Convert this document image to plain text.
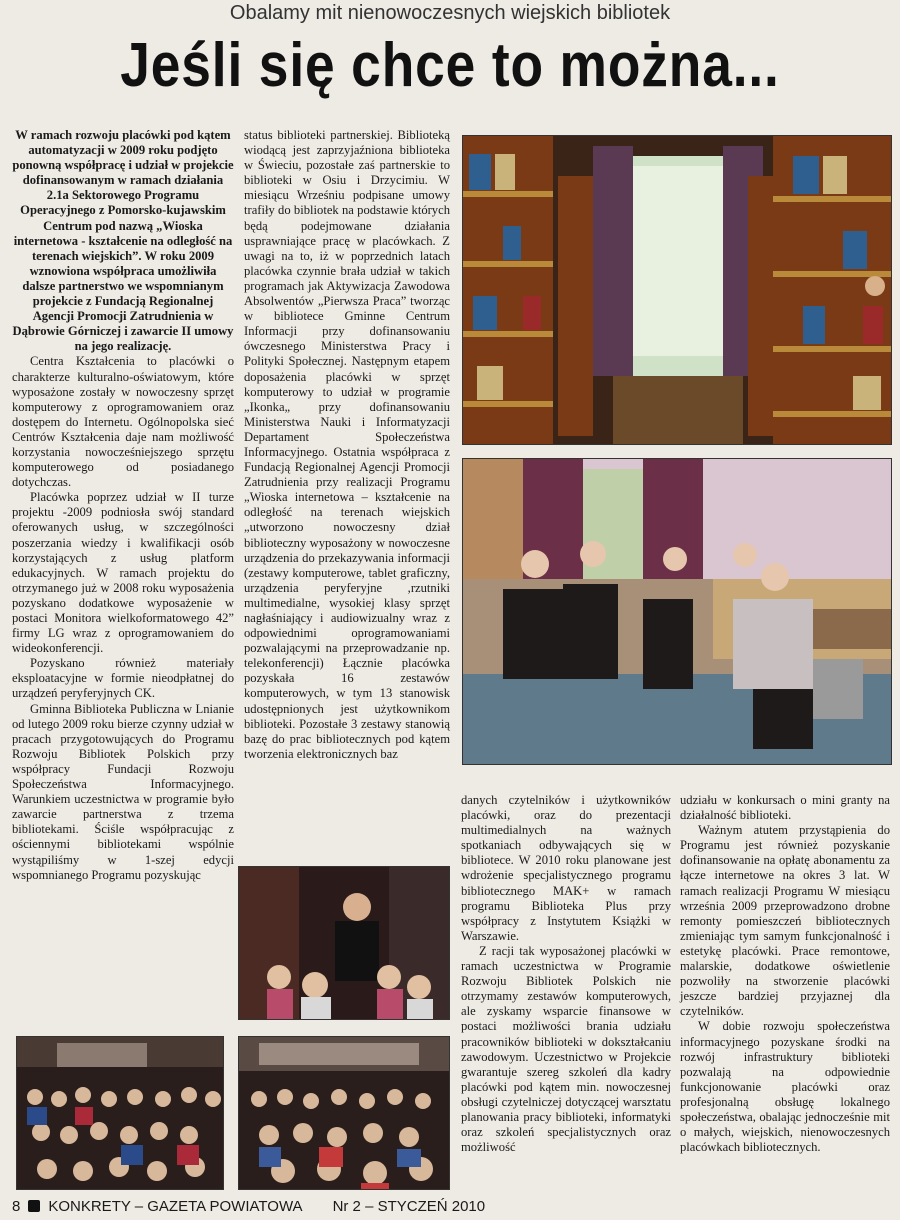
Obalamy mit nienowoczesnych wiejskich bibliotek
Jeśli się chce to można...

W ramach rozwoju placówki pod kątem automatyzacji w 2009 roku podjęto ponowną współpracę i udział w projekcie dofinansowanym w ramach działania 2.1a Sektorowego Programu Operacyjnego z Pomorsko-kujawskim Centrum pod nazwą „Wioska internetowa - kształcenie na odległość na terenach wiejskich”. W roku 2009 wznowiona współpraca umożliwiła dalsze partnerstwo we wspomnianym projekcie z Fundacją Regionalnej Agencji Promocji Zatrudnienia w Dąbrowie Górniczej i zawarcie II umowy na jego realizację.

Centra Kształcenia to placówki o charakterze kulturalno-oświatowym, które wyposażone zostały w nowoczesny sprzęt komputerowy z oprogramowaniem oraz dostępem do Internetu. Ogólnopolska sieć Centrów Kształcenia daje nam możliwość korzystania nowocześniejszego sprzętu komputerowego od posiadanego dotychczas.

Placówka poprzez udział w II turze projektu -2009 podniosła swój standard oferowanych usług, w szczególności poszerzania wiedzy i kwalifikacji osób korzystających z usług platform edukacyjnych. W ramach projektu do otrzymanego już w 2008 roku wyposażenia pozyskano dodatkowe wyposażenie w postaci Monitora wielkoformatowego 42” firmy LG wraz z oprogramowaniem do wideokonferencji.

Pozyskano również materiały eksploatacyjne w formie nieodpłatnej do urządzeń peryferyjnych CK.

Gminna Biblioteka Publiczna w Lnianie od lutego 2009 roku bierze czynny udział w pracach przygotowujących do Programu Rozwoju Bibliotek Polskich przy współpracy Fundacji Rozwoju Społeczeństwa Informacyjnego. Warunkiem uczestnictwa w programie było zawarcie partnerstwa z trzema bibliotekami. Ściśle współpracując z ościennymi bibliotekami wspólnie wystąpiliśmy w 1-szej edycji wspomnianego Programu pozyskując

status biblioteki partnerskiej. Biblioteką wiodącą jest zaprzyjaźniona biblioteka w Świeciu, pozostałe zaś partnerskie to biblioteki w Osiu i Drzycimiu. W miesiącu Wrześniu podpisane umowy trafiły do bibliotek na podstawie których będą podejmowane działania usprawniające pracę w placówkach. Z uwagi na to, iż w poprzednich latach placówka czynnie brała udział w takich programach jak Aktywizacja Zawodowa Absolwentów „Pierwsza Praca” tworząc w bibliotece Gminne Centrum Informacji przy dofinansowaniu ówczesnego Ministerstwa Pracy i Polityki Społecznej. Następnym etapem doposażenia placówki w sprzęt komputerowy to udział w programie „Ikonka„ przy dofinansowaniu Ministerstwa Nauki i Informatyzacji Departament Społeczeństwa Informacyjnego. Ostatnia współpraca z Fundacją Regionalnej Agencji Promocji Zatrudnienia przy realizacji Programu „Wioska internetowa – kształcenie na odległość na terenach wiejskich „utworzono nowoczesny dział biblioteczny wyposażony w nowoczesne urządzenia do przekazywania informacji (zestawy komputerowe, tablet graficzny, urządzenia peryferyjne ,rzutniki multimedialne, wysokiej klasy sprzęt nagłaśniający i audiowizualny wraz z odpowiednimi oprogramowaniami pozwalającymi na przeprowadzanie np. telekonferencji) Łącznie placówka pozyskała 16 zestawów komputerowych, w tym 13 stanowisk udostępnionych jest użytkownikom biblioteki. Pozostałe 3 zestawy stanowią bazę do prac bibliotecznych pod kątem tworzenia elektronicznych baz

danych czytelników i użytkowników placówki, oraz do prezentacji multimedialnych na ważnych spotkaniach odbywających się w bibliotece. W 2010 roku planowane jest wdrożenie specjalistycznego programu bibliotecznego MAK+ w ramach programu Biblioteka Plus przy współpracy z Instytutem Książki w Warszawie.

Z racji tak wyposażonej placówki w ramach uczestnictwa w Programie Rozwoju Bibliotek Polskich nie otrzymamy zestawów komputerowych, ale zyskamy wsparcie finansowe w postaci możliwości brania udziału pracowników biblioteki w dokształcaniu zawodowym. Uczestnictwo w Projekcie gwarantuje szereg szkoleń dla kadry placówki pod kątem min. nowoczesnej obsługi czytelniczej dotyczącej warsztatu planowania pracy biblioteki, informatyki oraz szkoleń specjalistycznych oraz możliwość

udziału w konkursach o mini granty na działalność biblioteki.

Ważnym atutem przystąpienia do Programu jest również pozyskanie dofinansowanie na opłatę abonamentu za łącze internetowe na okres 3 lat. W ramach realizacji Programu W miesiącu września 2009 przeprowadzono drobne remonty pomieszczeń bibliotecznych zmieniając tym samym funkcjonalność i estetykę placówki. Prace remontowe, malarskie, dodatkowe oświetlenie pozwoliły na stworzenie placówki jeszcze bardziej przyjaznej dla czytelników.

W dobie rozwoju społeczeństwa informacyjnego pozyskane środki na rozwój infrastruktury biblioteki pozwalają na odpowiednie funkcjonowanie placówki oraz profesjonalną obsługę lokalnego społeczeństwa, obalając jednocześnie mit o małych, wiejskich, nienowoczesnych placówkach bibliotecznych.

8 KONKRETY – GAZETA POWIATOWA Nr 2 – STYCZEŃ 2010
